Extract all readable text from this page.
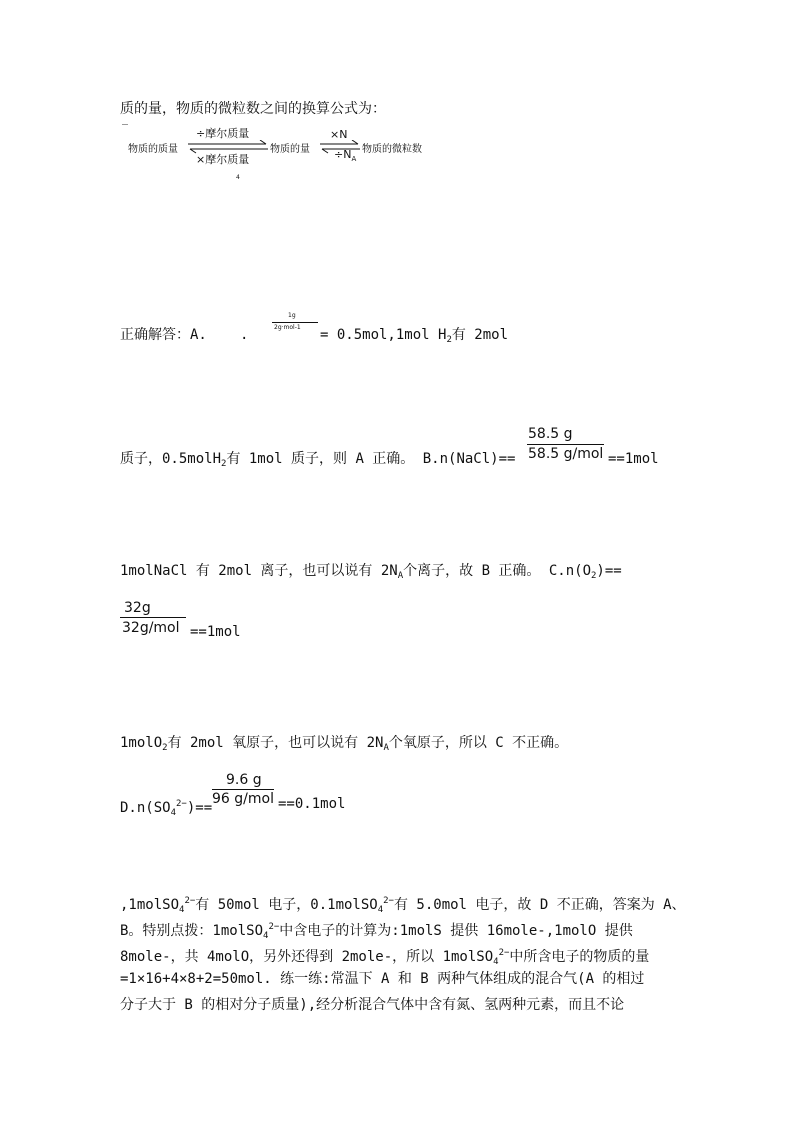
质的量，物质的微粒数之间的换算公式为：
物质的质量
÷摩尔质量
×摩尔质量
物质的量
×N
$\div N_A$
物质的微粒数
4
正确解答：A. .
1g
2g·mol-1 = 0.5mol,1mol $H_2$有 2mol
质子，0.5molH$_2$有 1mol 质子，则 A 正确。 B.n(NaCl)==
58.5 g
58.5 g/mol ==1mol
1molNaCl 有 2mol 离子，也可以说有 $2N_A$个离子，故 B 正确。 $C.n(O_2)==$
32g
32g/mol ==1mol
1molO$_2$有 2mol 氧原子，也可以说有 $2N_A$个氧原子，所以 C 不正确。
$D.n(SO_4^{2-})==$
9.6 g
96 g/mol ==0.1mol
,1molSO$_4^{2-}$有 50mol 电子，0.1molSO$_4^{2-}$有 5.0mol 电子，故 D 不正确，答案为 A、
B。特别点拨：1molSO$_4^{2-}$中含电子的计算为:1molS 提供 16mole-,1molO 提供
8mole-，共 4molO，另外还得到 2mole-，所以 1molSO$_4^{2-}$中所含电子的物质的量
=1×16+4×8+2=50mol. 练一练:常温下 A 和 B 两种气体组成的混合气(A 的相过
分子大于 B 的相对分子质量),经分析混合气体中含有氮、氢两种元素，而且不论
